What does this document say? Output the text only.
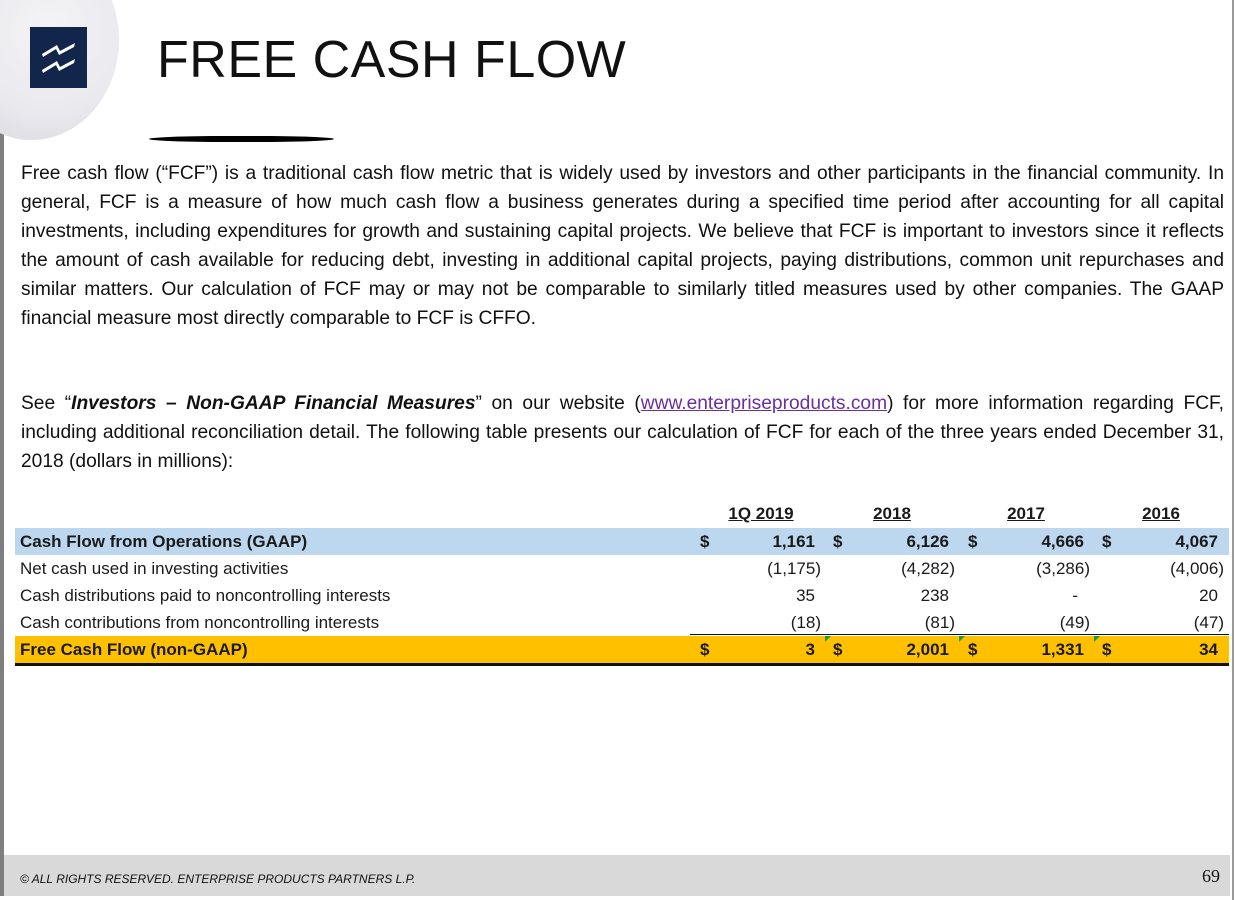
FREE CASH FLOW

Free cash flow (“FCF”) is a traditional cash flow metric that is widely used by investors and other participants in the financial community. In general, FCF is a measure of how much cash flow a business generates during a specified time period after accounting for all capital investments, including expenditures for growth and sustaining capital projects. We believe that FCF is important to investors since it reflects the amount of cash available for reducing debt, investing in additional capital projects, paying distributions, common unit repurchases and similar matters. Our calculation of FCF may or may not be comparable to similarly titled measures used by other companies. The GAAP financial measure most directly comparable to FCF is CFFO.

See “Investors – Non-GAAP Financial Measures” on our website (www.enterpriseproducts.com) for more information regarding FCF, including additional reconciliation detail. The following table presents our calculation of FCF for each of the three years ended December 31, 2018 (dollars in millions):

1Q 2019	2018	2017	2016
Cash Flow from Operations (GAAP)	$	1,161 $	6,126 $	4,666 $	4,067
Net cash used in investing activities	(1,175)	(4,282)	(3,286)	(4,006)
Cash distributions paid to noncontrolling interests	35	238	-	20
Cash contributions from noncontrolling interests	(18)	(81)	(49)	(47)
Free Cash Flow (non-GAAP)	$	3 $	2,001 $	1,331 $	34
© ALL RIGHTS RESERVED. ENTERPRISE PRODUCTS PARTNERS L.P.	69
